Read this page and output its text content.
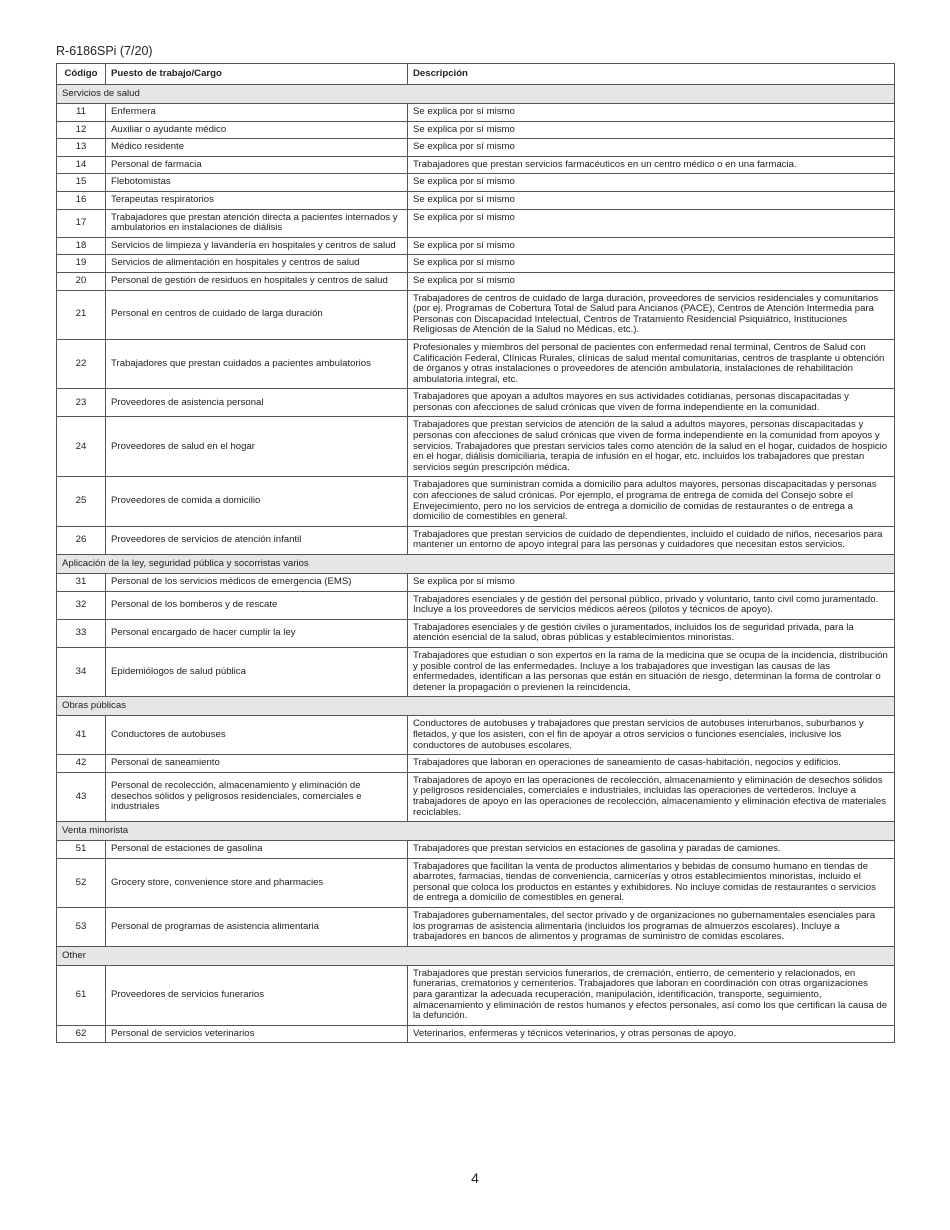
R-6186SPi (7/20)
Código	Puesto de trabajo/Cargo	Descripción
Servicios de salud		
11	Enfermera	Se explica por sí mismo
12	Auxiliar o ayudante médico	Se explica por sí mismo
13	Médico residente	Se explica por sí mismo
14	Personal de farmacia	Trabajadores que prestan servicios farmacéuticos en un centro médico o en una farmacia.
15	Flebotomistas	Se explica por sí mismo
16	Terapeutas respiratorios	Se explica por sí mismo
17	Trabajadores que prestan atención directa a pacientes internados y ambulatorios en instalaciones de diálisis	Se explica por sí mismo
18	Servicios de limpieza y lavandería en hospitales y centros de salud	Se explica por sí mismo
19	Servicios de alimentación en hospitales y centros de salud	Se explica por sí mismo
20	Personal de gestión de residuos en hospitales y centros de salud	Se explica por sí mismo
21	Personal en centros de cuidado de larga duración	Trabajadores de centros de cuidado de larga duración, proveedores de servicios residenciales y comunitarios (por ej. Programas de Cobertura Total de Salud para Ancianos (PACE), Centros de Atención Intermedia para Personas con Discapacidad Intelectual, Centros de Tratamiento Residencial Psiquiátrico, Instituciones Religiosas de Atención de la Salud no Médicas, etc.).
22	Trabajadores que prestan cuidados a pacientes ambulatorios	Profesionales y miembros del personal de pacientes con enfermedad renal terminal, Centros de Salud con Calificación Federal, Clínicas Rurales, clínicas de salud mental comunitarias, centros de trasplante u obtención de órganos y otras instalaciones o proveedores de atención ambulatoria, instalaciones de rehabilitación ambulatoria integral, etc.
23	Proveedores de asistencia personal	Trabajadores que apoyan a adultos mayores en sus actividades cotidianas, personas discapacitadas y personas con afecciones de salud crónicas que viven de forma independiente en la comunidad.
24	Proveedores de salud en el hogar	Trabajadores que prestan servicios de atención de la salud a adultos mayores, personas discapacitadas y personas con afecciones de salud crónicas que viven de forma independiente en la comunidad from apoyos y servicios. Trabajadores que prestan servicios tales como atención de la salud en el hogar, cuidados de hospicio en el hogar, diálisis domiciliaria, terapia de infusión en el hogar, etc. incluidos los trabajadores que prestan servicios según prescripción médica.
25	Proveedores de comida a domicilio	Trabajadores que suministran comida a domicilio para adultos mayores, personas discapacitadas y personas con afecciones de salud crónicas. Por ejemplo, el programa de entrega de comida del Consejo sobre el Envejecimiento, pero no los servicios de entrega a domicilio de comidas de restaurantes o de entrega a domicilio de comestibles en general.
26	Proveedores de servicios de atención infantil	Trabajadores que prestan servicios de cuidado de dependientes, incluido el cuidado de niños, necesarios para mantener un entorno de apoyo integral para las personas y cuidadores que necesitan estos servicios.
Aplicación de la ley, seguridad pública y socorristas varios		
31	Personal de los servicios médicos de emergencia (EMS)	Se explica por sí mismo
32	Personal de los bomberos y de rescate	Trabajadores esenciales y de gestión del personal público, privado y voluntario, tanto civil como juramentado. Incluye a los proveedores de servicios médicos aéreos (pilotos y técnicos de apoyo).
33	Personal encargado de hacer cumplir la ley	Trabajadores esenciales y de gestión civiles o juramentados, incluidos los de seguridad privada, para la atención esencial de la salud, obras públicas y establecimientos minoristas.
34	Epidemiólogos de salud pública	Trabajadores que estudian o son expertos en la rama de la medicina que se ocupa de la incidencia, distribución y posible control de las enfermedades. Incluye a los trabajadores que investigan las causas de las enfermedades, identifican a las personas que están en situación de riesgo, determinan la forma de controlar o detener la propagación o previenen la reincidencia.
Obras públicas		
41	Conductores de autobuses	Conductores de autobuses y trabajadores que prestan servicios de autobuses interurbanos, suburbanos y fletados, y que los asisten, con el fin de apoyar a otros servicios o funciones esenciales, inclusive los conductores de autobuses escolares.
42	Personal de saneamiento	Trabajadores que laboran en operaciones de saneamiento de casas-habitación, negocios y edificios.
43	Personal de recolección, almacenamiento y eliminación de desechos sólidos y peligrosos residenciales, comerciales e industriales	Trabajadores de apoyo en las operaciones de recolección, almacenamiento y eliminación de desechos sólidos y peligrosos residenciales, comerciales e industriales, incluidas las operaciones de vertederos. Incluye a trabajadores de apoyo en las operaciones de recolección, almacenamiento y eliminación efectiva de materiales reciclables.
Venta minorista		
51	Personal de estaciones de gasolina	Trabajadores que prestan servicios en estaciones de gasolina y paradas de camiones.
52	Grocery store, convenience store and pharmacies	Trabajadores que facilitan la venta de productos alimentarios y bebidas de consumo humano en tiendas de abarrotes, farmacias, tiendas de conveniencia, carnicerías y otros establecimientos minoristas, incluido el personal que coloca los productos en estantes y exhibidores. No incluye comidas de restaurantes o servicios de entrega a domicilio de comestibles en general.
53	Personal de programas de asistencia alimentaria	Trabajadores gubernamentales, del sector privado y de organizaciones no gubernamentales esenciales para los programas de asistencia alimentaria (incluidos los programas de almuerzos escolares). Incluye a trabajadores en bancos de alimentos y programas de suministro de comidas escolares.
Other		
61	Proveedores de servicios funerarios	Trabajadores que prestan servicios funerarios, de cremación, entierro, de cementerio y relacionados, en funerarias, crematorios y cementerios. Trabajadores que laboran en coordinación con otras organizaciones para garantizar la adecuada recuperación, manipulación, identificación, transporte, seguimiento, almacenamiento y eliminación de restos humanos y efectos personales, así como los que certifican la causa de la defunción.
62	Personal de servicios veterinarios	Veterinarios, enfermeras y técnicos veterinarios, y otras personas de apoyo.
4
